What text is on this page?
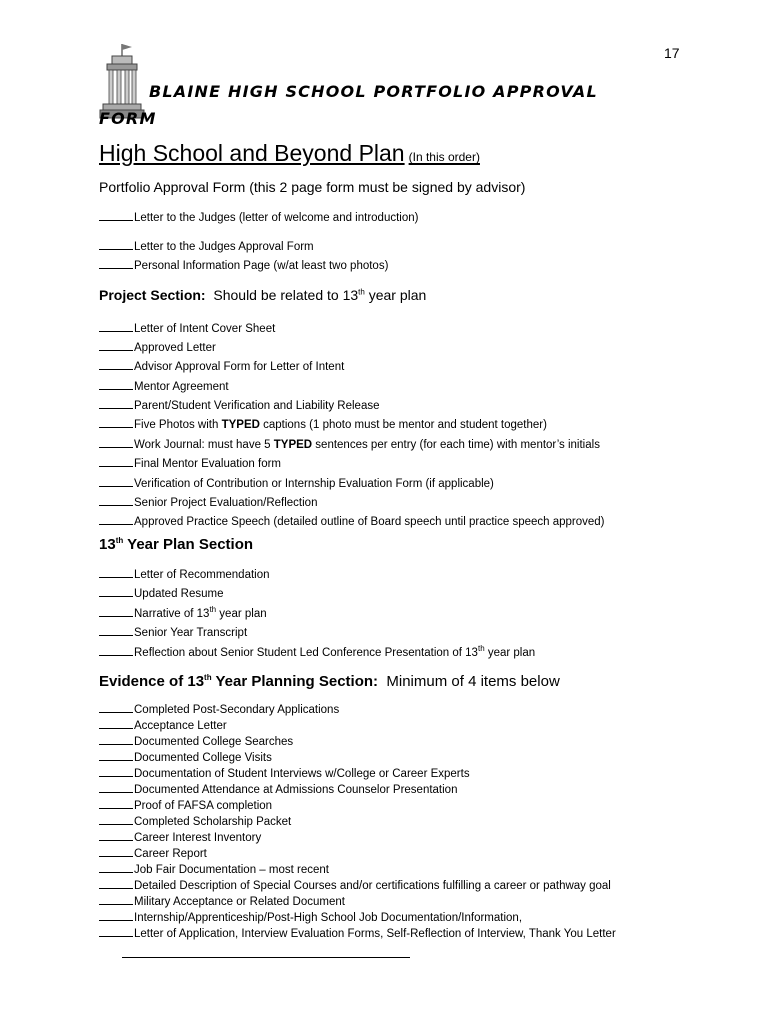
17
BLAINE HIGH SCHOOL PORTFOLIO APPROVAL
FORM
High School and Beyond Plan (In this order)
Portfolio Approval Form (this 2 page form must be signed by advisor)
Letter to the Judges (letter of welcome and introduction)
Letter to the Judges Approval Form
Personal Information Page (w/at least two photos)
Project Section: Should be related to 13th year plan
Letter of Intent Cover Sheet
Approved Letter
Advisor Approval Form for Letter of Intent
Mentor Agreement
Parent/Student Verification and Liability Release
Five Photos with TYPED captions (1 photo must be mentor and student together)
Work Journal: must have 5 TYPED sentences per entry (for each time) with mentor’s initials
Final Mentor Evaluation form
Verification of Contribution or Internship Evaluation Form (if applicable)
Senior Project Evaluation/Reflection
Approved Practice Speech (detailed outline of Board speech until practice speech approved)
13th Year Plan Section
Letter of Recommendation
Updated Resume
Narrative of 13th year plan
Senior Year Transcript
Reflection about Senior Student Led Conference Presentation of 13th year plan
Evidence of 13th Year Planning Section: Minimum of 4 items below
Completed Post-Secondary Applications
Acceptance Letter
Documented College Searches
Documented College Visits
Documentation of Student Interviews w/College or Career Experts
Documented Attendance at Admissions Counselor Presentation
Proof of FAFSA completion
Completed Scholarship Packet
Career Interest Inventory
Career Report
Job Fair Documentation – most recent
Detailed Description of Special Courses and/or certifications fulfilling a career or pathway goal
Military Acceptance or Related Document
Internship/Apprenticeship/Post-High School Job Documentation/Information,
Letter of Application, Interview Evaluation Forms, Self-Reflection of Interview, Thank You Letter
